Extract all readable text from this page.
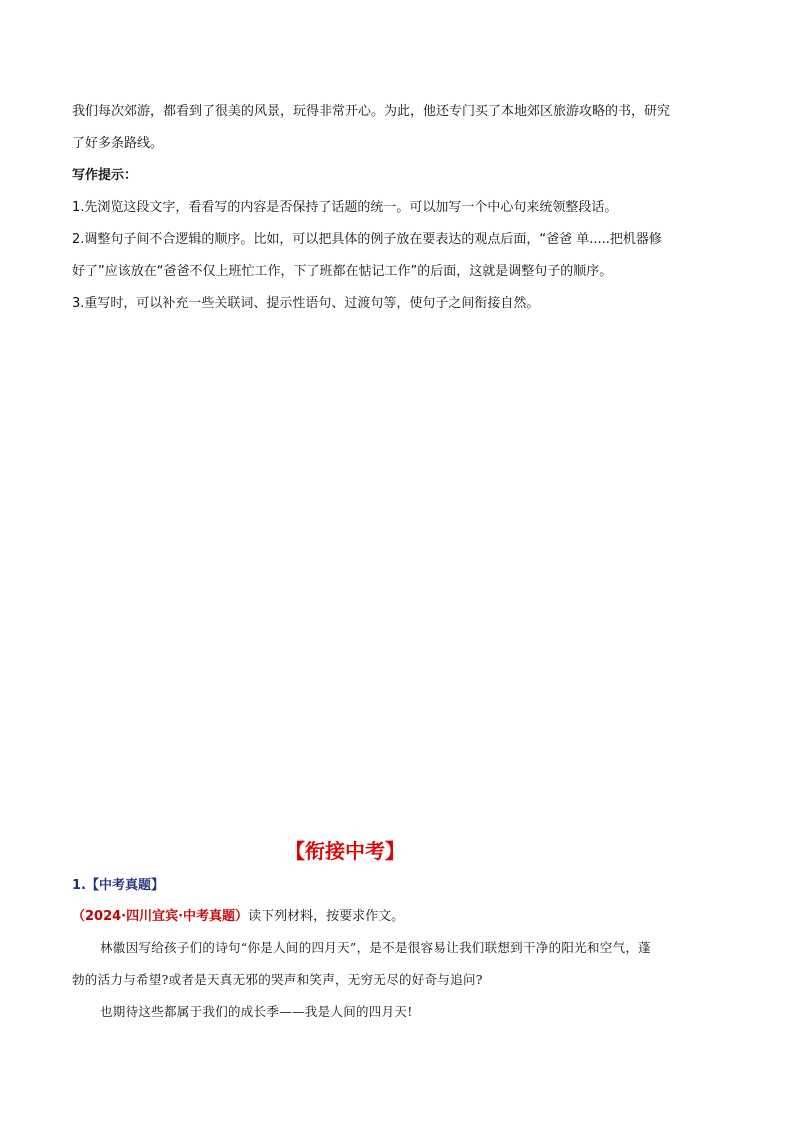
我们每次郊游，都看到了很美的风景，玩得非常开心。为此，他还专门买了本地郊区旅游攻略的书，研究
了好多条路线。
写作提示：
1.先浏览这段文字，看看写的内容是否保持了话题的统一。可以加写一个中心句来统领整段话。
2.调整句子间不合逻辑的顺序。比如，可以把具体的例子放在要表达的观点后面，“爸爸 单.....把机器修
好了”应该放在“爸爸不仅上班忙工作，下了班都在惦记工作”的后面，这就是调整句子的顺序。
3.重写时，可以补充一些关联词、提示性语句、过渡句等，使句子之间衔接自然。
【衔接中考】
1.【中考真题】
（2024·四川宜宾·中考真题）读下列材料，按要求作文。
林徽因写给孩子们的诗句“你是人间的四月天”，是不是很容易让我们联想到干净的阳光和空气，蓬
勃的活力与希望?或者是天真无邪的哭声和笑声，无穷无尽的好奇与追问?
也期待这些都属于我们的成长季——我是人间的四月天!
